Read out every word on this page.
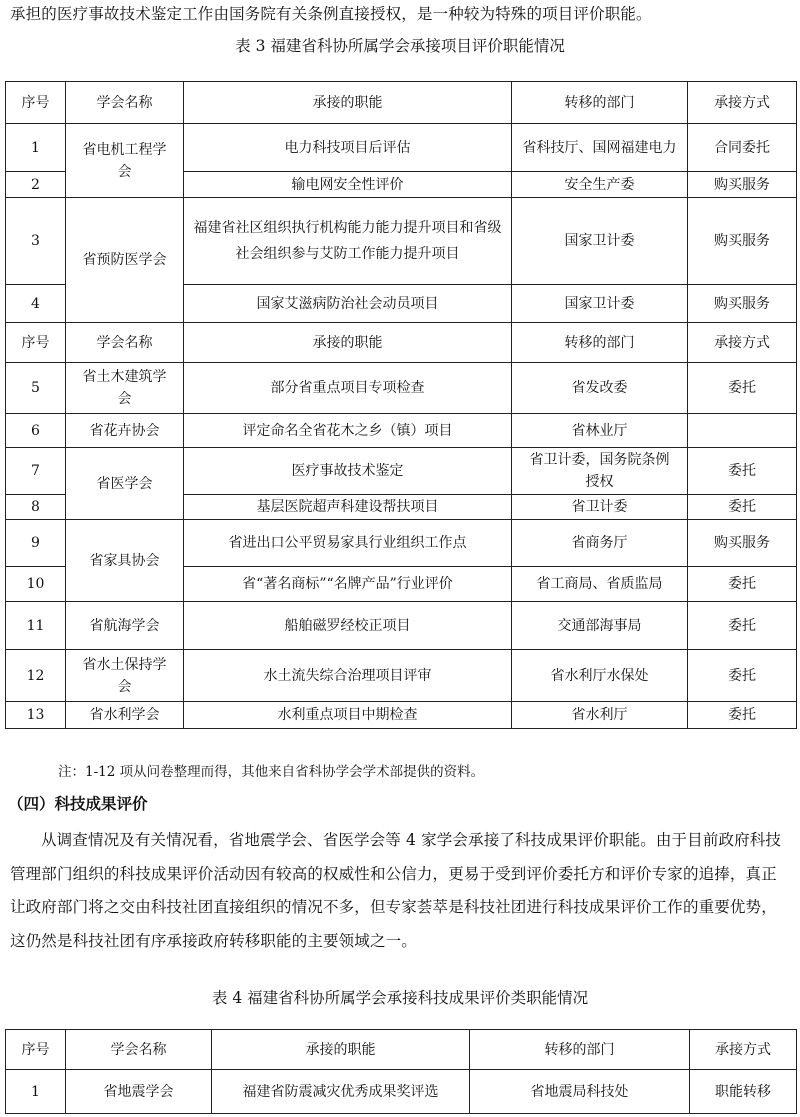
承担的医疗事故技术鉴定工作由国务院有关条例直接授权，是一种较为特殊的项目评价职能。

表 3 福建省科协所属学会承接项目评价职能情况

序号	学会名称	承接的职能	转移的部门	承接方式
1	省电机工程学会	电力科技项目后评估	省科技厅、国网福建电力	合同委托
2		输电网安全性评价	安全生产委	购买服务
3	省预防医学会	福建省社区组织执行机构能力能力提升项目和省级社会组织参与艾防工作能力提升项目	国家卫计委	购买服务
4		国家艾滋病防治社会动员项目	国家卫计委	购买服务
序号	学会名称	承接的职能	转移的部门	承接方式
5	省土木建筑学会	部分省重点项目专项检查	省发改委	委托
6	省花卉协会	评定命名全省花木之乡（镇）项目	省林业厅	
7	省医学会	医疗事故技术鉴定	省卫计委，国务院条例授权	委托
8		基层医院超声科建设帮扶项目	省卫计委	委托
9	省家具协会	省进出口公平贸易家具行业组织工作点	省商务厅	购买服务
10		省“著名商标”“名牌产品”行业评价	省工商局、省质监局	委托
11	省航海学会	船舶磁罗经校正项目	交通部海事局	委托
12	省水土保持学会	水土流失综合治理项目评审	省水利厅水保处	委托
13	省水利学会	水利重点项目中期检查	省水利厅	委托

注：1-12 项从问卷整理而得，其他来自省科协学会学术部提供的资料。

（四）科技成果评价

从调查情况及有关情况看，省地震学会、省医学会等 4 家学会承接了科技成果评价职能。由于目前政府科技管理部门组织的科技成果评价活动因有较高的权威性和公信力，更易于受到评价委托方和评价专家的追捧，真正让政府部门将之交由科技社团直接组织的情况不多，但专家荟萃是科技社团进行科技成果评价工作的重要优势，这仍然是科技社团有序承接政府转移职能的主要领域之一。

表 4 福建省科协所属学会承接科技成果评价类职能情况

序号	学会名称	承接的职能	转移的部门	承接方式
1	省地震学会	福建省防震减灾优秀成果奖评选	省地震局科技处	职能转移
